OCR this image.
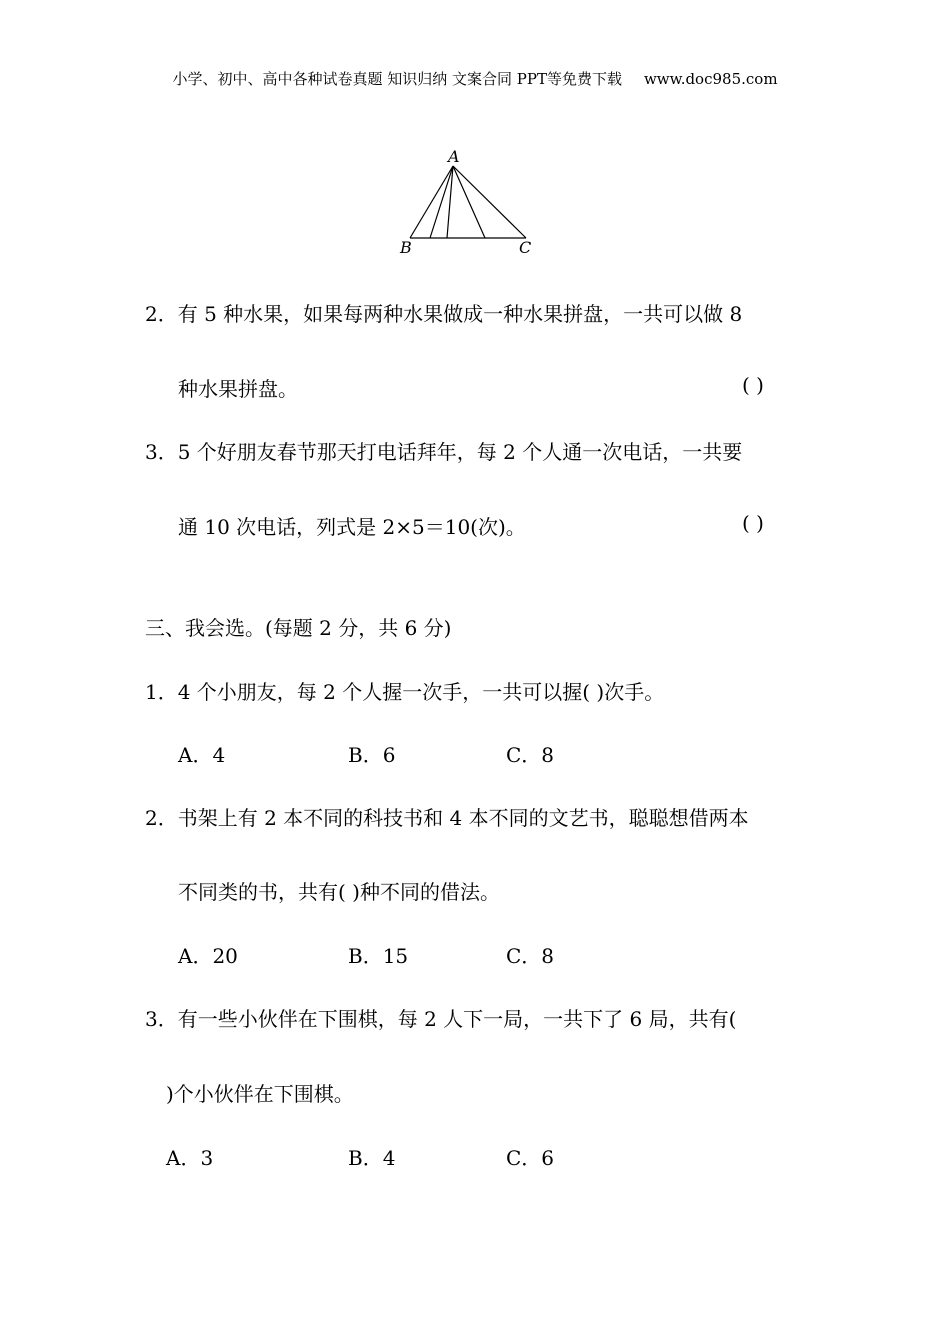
小学、初中、高中各种试卷真题 知识归纳 文案合同 PPT等免费下载 www.doc985.com
A
B	C
2．有 5 种水果，如果每两种水果做成一种水果拼盘，一共可以做 8
种水果拼盘。	( )
3．5 个好朋友春节那天打电话拜年，每 2 个人通一次电话，一共要
通 10 次电话，列式是 2×5＝10(次)。	( )
三、我会选。(每题 2 分，共 6 分)
1．4 个小朋友，每 2 个人握一次手，一共可以握( )次手。
A．4	B．6	C．8
2．书架上有 2 本不同的科技书和 4 本不同的文艺书，聪聪想借两本
不同类的书，共有( )种不同的借法。
A．20	B．15	C．8
3．有一些小伙伴在下围棋，每 2 人下一局，一共下了 6 局，共有(
)个小伙伴在下围棋。
A．3	B．4	C．6
